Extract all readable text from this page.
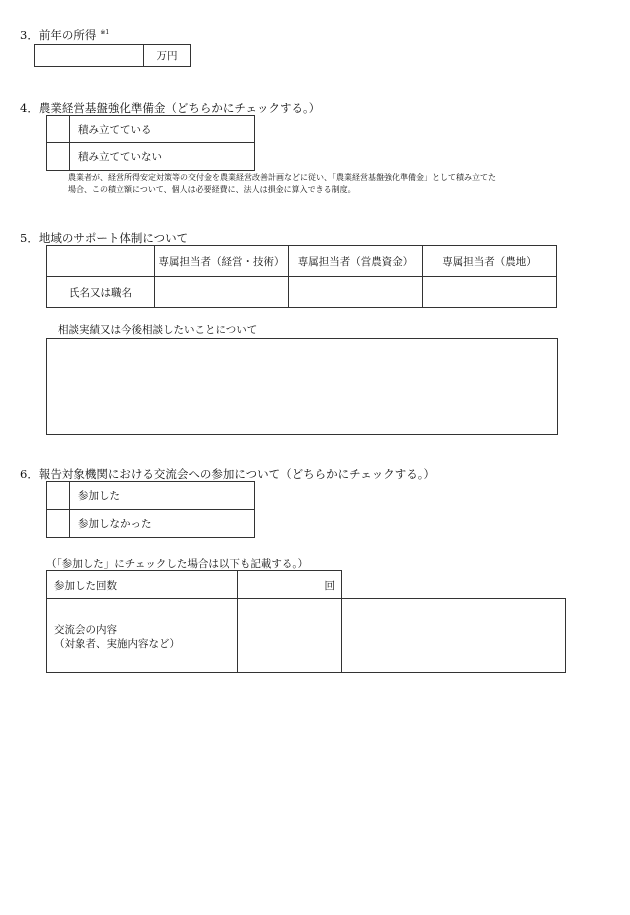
3．前年の所得 $^{※1}$
	万円
4．農業経営基盤強化準備金（どちらかにチェックする。）
	積み立てている
	積み立てていない
農業者が、経営所得安定対策等の交付金を農業経営改善計画などに従い、「農業経営基盤強化準備金」として積み立てた
場合、この積立額について、個人は必要経費に、法人は損金に算入できる制度。
5．地域のサポート体制について
	専属担当者（経営・技術）	専属担当者（営農資金）	専属担当者（農地）
氏名又は職名			
相談実績又は今後相談したいことについて
6．報告対象機関における交流会への参加について（どちらかにチェックする。）
	参加した
	参加しなかった
（「参加した」にチェックした場合は以下も記載する。）
参加した回数	回
交流会の内容
（対象者、実施内容など）
